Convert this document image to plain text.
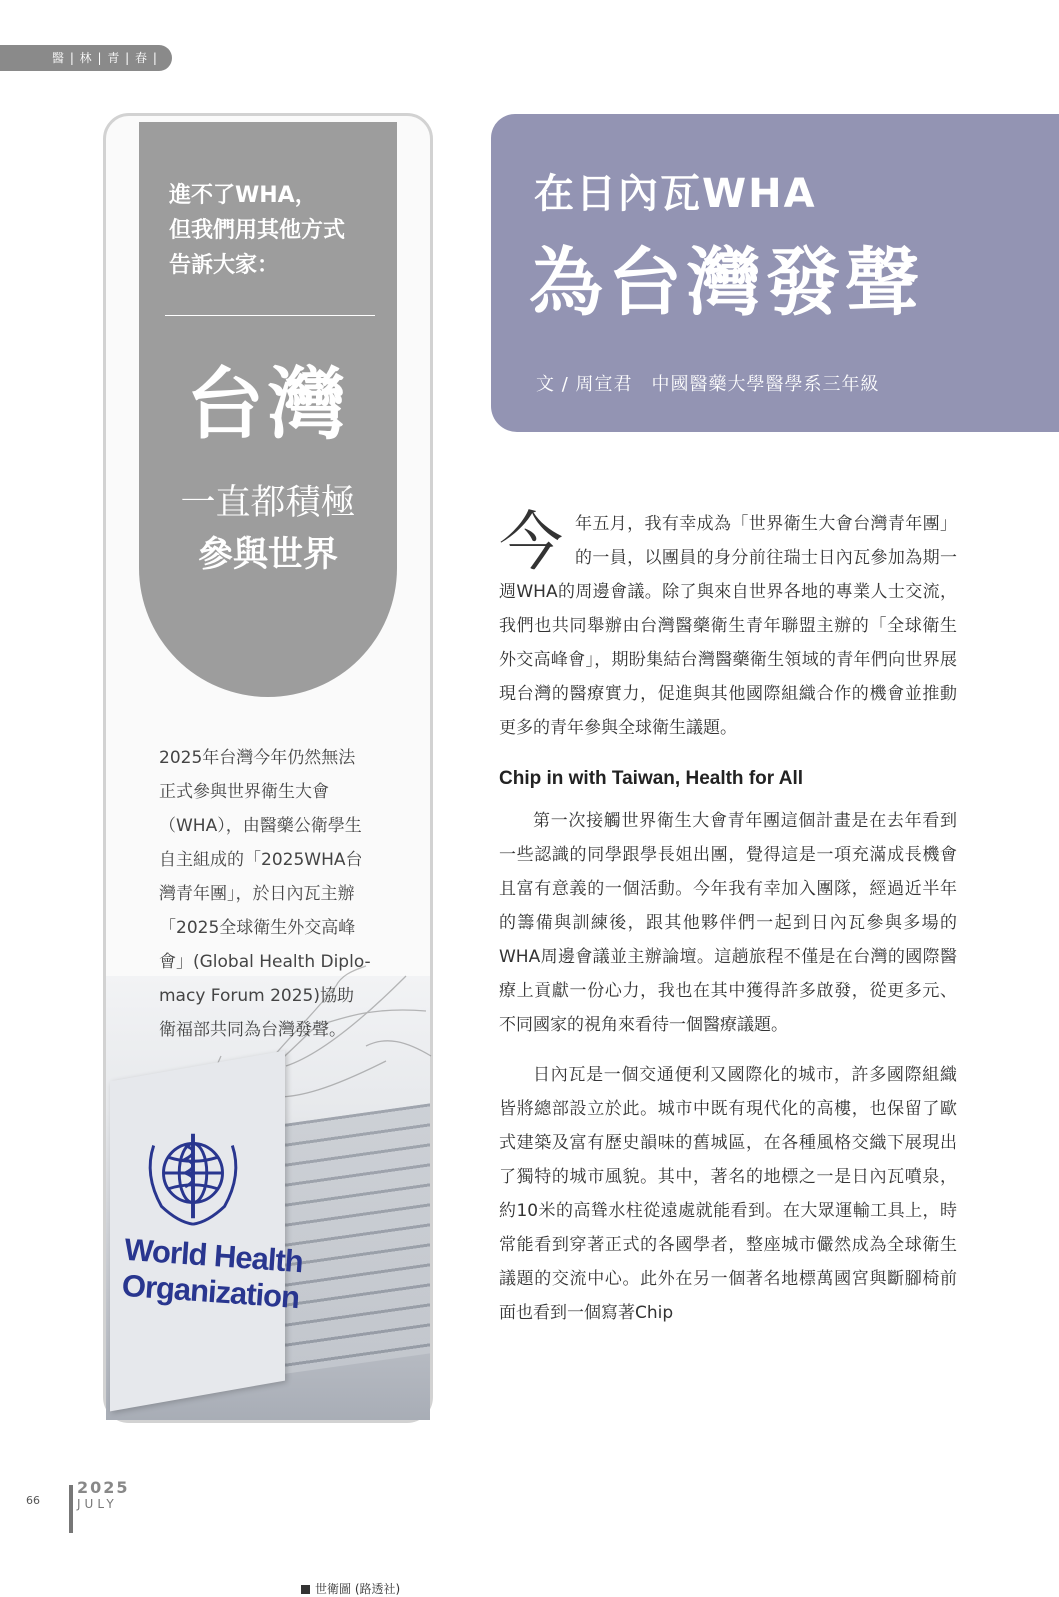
醫 | 林 | 青 | 春 | 版
World Health
Organization
世衛圖 (路透社)
進不了WHA，
但我們用其他方式
告訴大家：
台灣
一直都積極
參與世界

2025年台灣今年仍然無法

正式參與世界衛生大會

（WHA），由醫藥公衛學生

自主組成的「2025WHA台

灣青年團」，於日內瓦主辦

「2025全球衛生外交高峰

會」(Global Health Diplo-

macy Forum 2025)協助

衛福部共同為台灣發聲。

在日內瓦WHA
為台灣發聲
文 / 周宣君　中國醫藥大學醫學系三年級

今年五月，我有幸成為「世界衛生大會台灣青年團」的一員，以團員的身分前往瑞士日內瓦參加為期一週WHA的周邊會議。除了與來自世界各地的專業人士交流，我們也共同舉辦由台灣醫藥衛生青年聯盟主辦的「全球衛生外交高峰會」，期盼集結台灣醫藥衛生領域的青年們向世界展現台灣的醫療實力，促進與其他國際組織合作的機會並推動更多的青年參與全球衛生議題。

Chip in with Taiwan, Health for All

第一次接觸世界衛生大會青年團這個計畫是在去年看到一些認識的同學跟學長姐出團，覺得這是一項充滿成長機會且富有意義的一個活動。今年我有幸加入團隊，經過近半年的籌備與訓練後，跟其他夥伴們一起到日內瓦參與多場的WHA周邊會議並主辦論壇。這趟旅程不僅是在台灣的國際醫療上貢獻一份心力，我也在其中獲得許多啟發，從更多元、不同國家的視角來看待一個醫療議題。

日內瓦是一個交通便利又國際化的城市，許多國際組織皆將總部設立於此。城市中既有現代化的高樓，也保留了歐式建築及富有歷史韻味的舊城區，在各種風格交織下展現出了獨特的城市風貌。其中，著名的地標之一是日內瓦噴泉，約10米的高聳水柱從遠處就能看到。在大眾運輸工具上，時常能看到穿著正式的各國學者，整座城市儼然成為全球衛生議題的交流中心。此外在另一個著名地標萬國宮與斷腳椅前面也看到一個寫著Chip

66
2025
JULY
